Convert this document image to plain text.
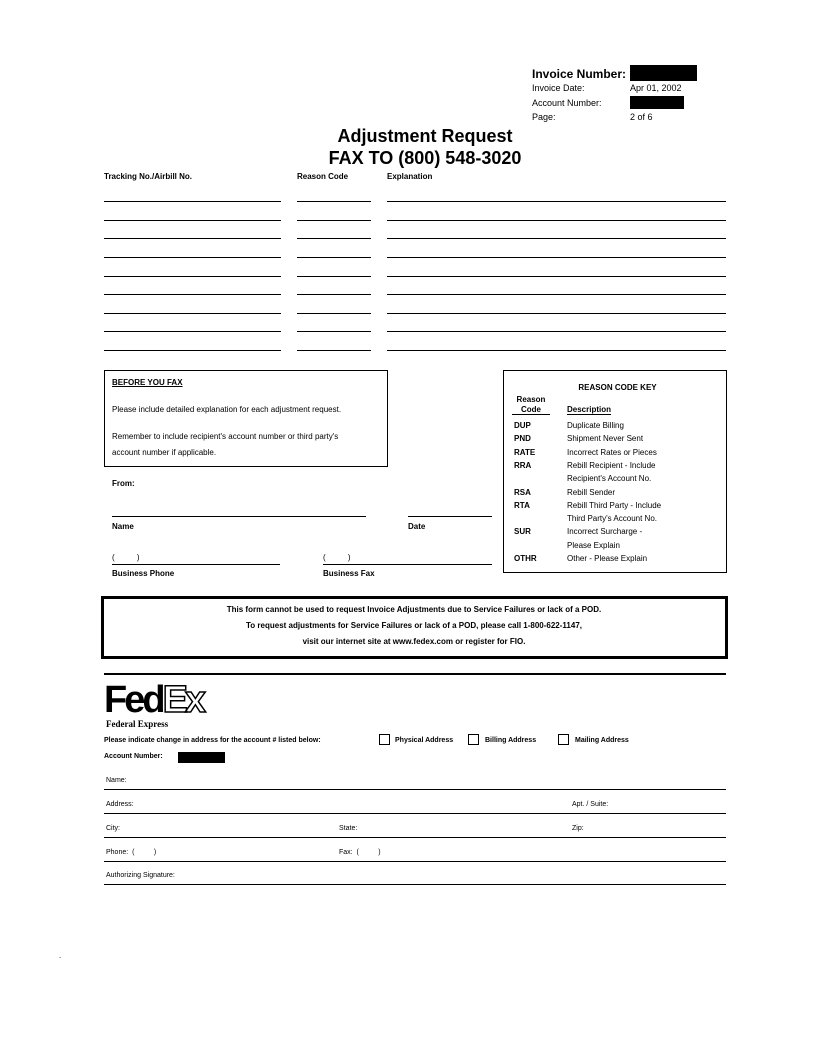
Invoice Number:
Invoice Date:	Apr 01, 2002
Account Number:
Page:	2 of 6
Adjustment Request
FAX TO (800) 548-3020
Tracking No./Airbill No.	Reason Code	Explanation
BEFORE YOU FAX
Please include detailed explanation for each adjustment request.
Remember to include recipient's account number or third party's
account number if applicable.
From:
Name	Date
(          )	(          )
Business Phone	Business Fax
REASON CODE KEY
Reason
Code	Description
DUP	Duplicate Billing
PND	Shipment Never Sent
RATE	Incorrect Rates or Pieces
RRA	Rebill Recipient - Include
Recipient's Account No.
RSA	Rebill Sender
RTA	Rebill Third Party - Include
Third Party's Account No.
SUR	Incorrect Surcharge -
Please Explain
OTHR	Other - Please Explain
This form cannot be used to request Invoice Adjustments due to Service Failures or lack of a POD.
To request adjustments for Service Failures or lack of a POD, please call 1-800-622-1147,
visit our internet site at www.fedex.com or register for FIO.
FedEx
Federal Express
Please indicate change in address for the account # listed below:	Physical Address	Billing Address	Mailing Address
Account Number:
Name:
Address:	Apt. / Suite:
City:	State:	Zip:
Phone:  (          )	Fax:  (          )
Authorizing Signature:
.
